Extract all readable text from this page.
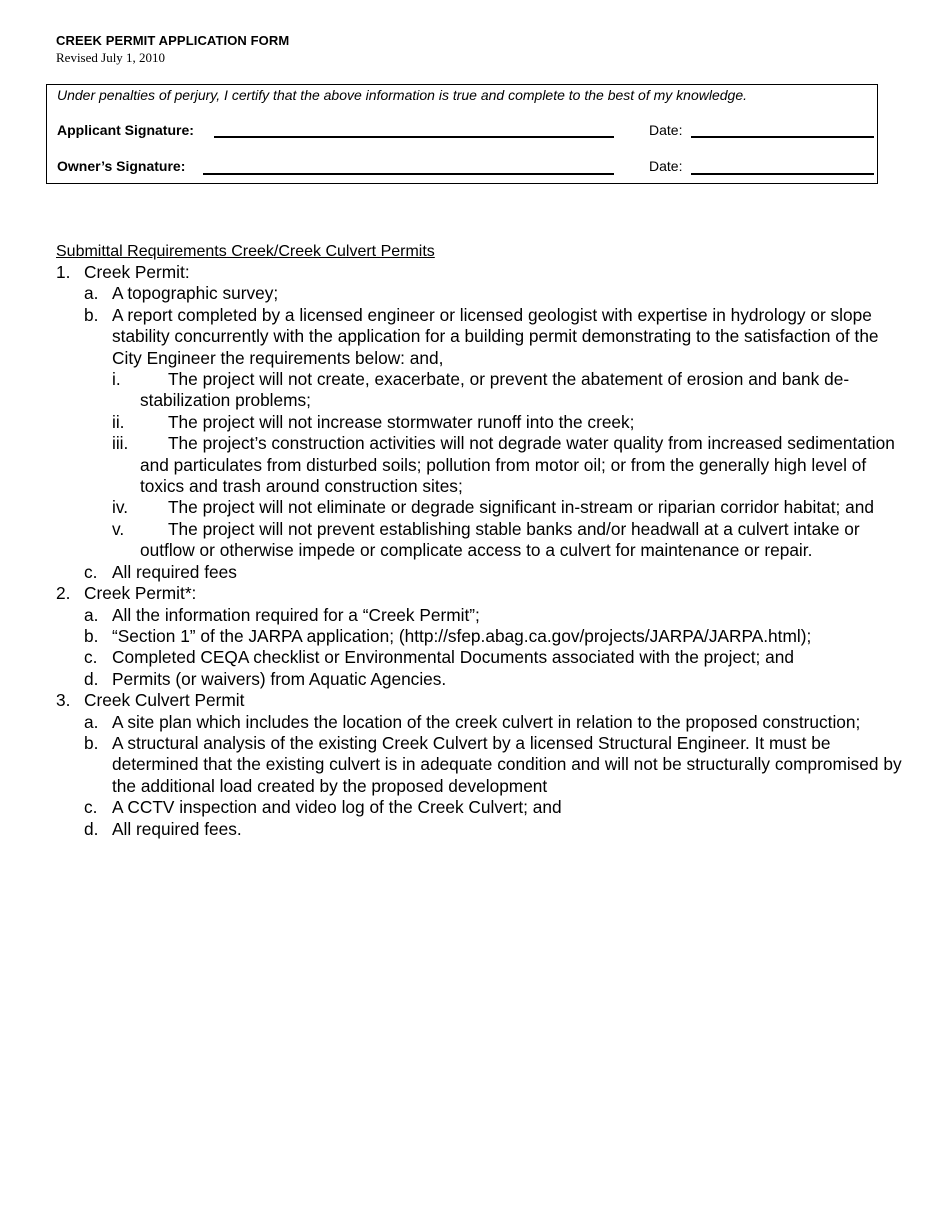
CREEK PERMIT APPLICATION FORM
Revised July 1, 2010
Under penalties of perjury, I certify that the above information is true and complete to the best of my knowledge.
Applicant Signature:	Date:
Owner’s Signature:	Date:
Submittal Requirements Creek/Creek Culvert Permits
1. Creek Permit:
a. A topographic survey;
b. A report completed by a licensed engineer or licensed geologist with expertise in hydrology or slope stability concurrently with the application for a building permit demonstrating to the satisfaction of the City Engineer the requirements below: and,
i.	The project will not create, exacerbate, or prevent the abatement of erosion and bank de-stabilization problems;
ii.	The project will not increase stormwater runoff into the creek;
iii.	The project’s construction activities will not degrade water quality from increased sedimentation and particulates from disturbed soils; pollution from motor oil; or from the generally high level of toxics and trash around construction sites;
iv.	The project will not eliminate or degrade significant in-stream or riparian corridor habitat; and
v.	The project will not prevent establishing stable banks and/or headwall at a culvert intake or outflow or otherwise impede or complicate access to a culvert for maintenance or repair.
c. All required fees
2. Creek Permit*:
a. All the information required for a “Creek Permit”;
b. “Section 1” of the JARPA application; (http://sfep.abag.ca.gov/projects/JARPA/JARPA.html);
c. Completed CEQA checklist or Environmental Documents associated with the project; and
d. Permits (or waivers) from Aquatic Agencies.
3. Creek Culvert Permit
a. A site plan which includes the location of the creek culvert in relation to the proposed construction;
b. A structural analysis of the existing Creek Culvert by a licensed Structural Engineer. It must be determined that the existing culvert is in adequate condition and will not be structurally compromised by the additional load created by the proposed development
c. A CCTV inspection and video log of the Creek Culvert; and
d. All required fees.
